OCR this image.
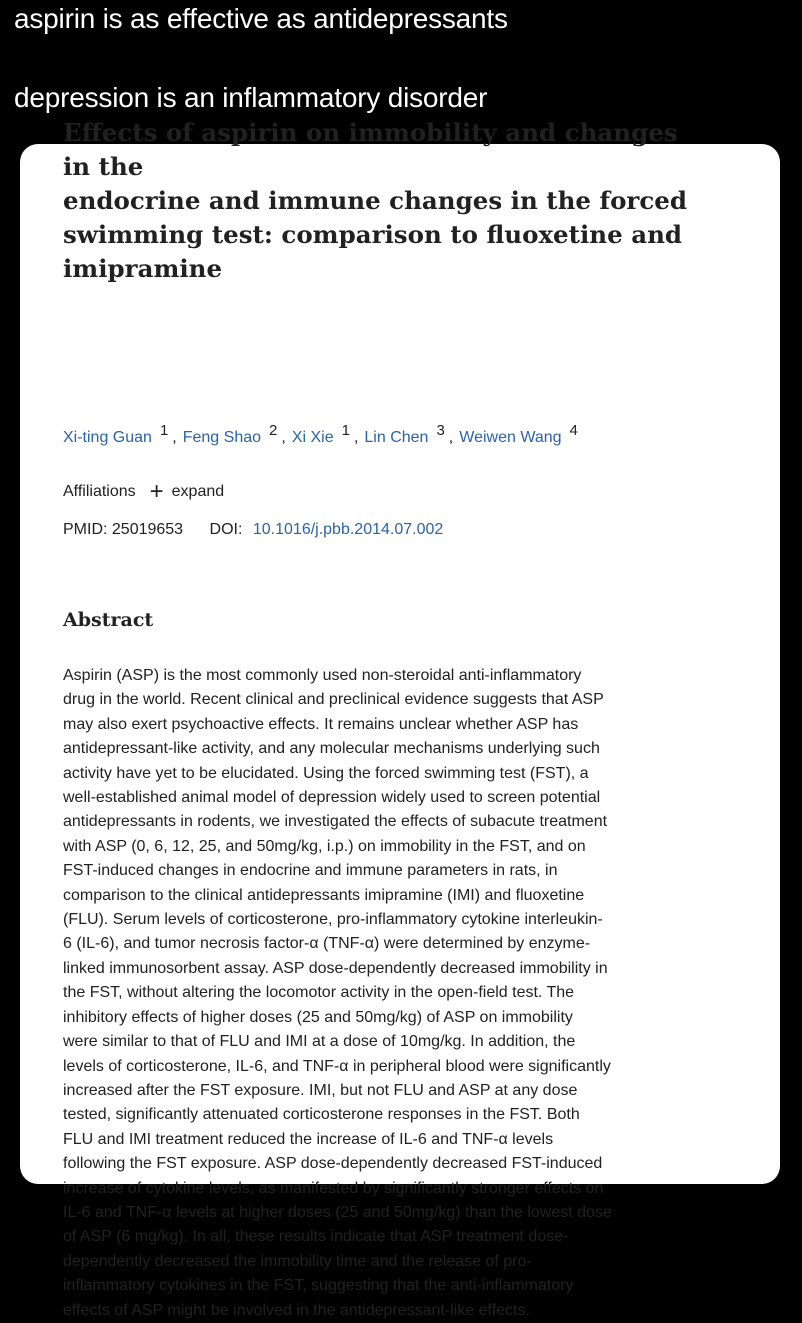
aspirin is as effective as antidepressants
depression is an inflammatory disorder
Effects of aspirin on immobility and changes in the
endocrine and immune changes in the forced
swimming test: comparison to fluoxetine and
imipramine
Xi-ting Guan $^1$ , Feng Shao $^2$ , Xi Xie $^1$ , Lin Chen $^3$ , Weiwen Wang $^4$
Affiliations + expand
PMID: 25019653 DOI: 10.1016/j.pbb.2014.07.002
Abstract
Aspirin (ASP) is the most commonly used non-steroidal anti-inflammatory
drug in the world. Recent clinical and preclinical evidence suggests that ASP
may also exert psychoactive effects. It remains unclear whether ASP has
antidepressant-like activity, and any molecular mechanisms underlying such
activity have yet to be elucidated. Using the forced swimming test (FST), a
well-established animal model of depression widely used to screen potential
antidepressants in rodents, we investigated the effects of subacute treatment
with ASP (0, 6, 12, 25, and 50mg/kg, i.p.) on immobility in the FST, and on
FST-induced changes in endocrine and immune parameters in rats, in
comparison to the clinical antidepressants imipramine (IMI) and fluoxetine
(FLU). Serum levels of corticosterone, pro-inflammatory cytokine interleukin-
6 (IL-6), and tumor necrosis factor-α (TNF-α) were determined by enzyme-
linked immunosorbent assay. ASP dose-dependently decreased immobility in
the FST, without altering the locomotor activity in the open-field test. The
inhibitory effects of higher doses (25 and 50mg/kg) of ASP on immobility
were similar to that of FLU and IMI at a dose of 10mg/kg. In addition, the
levels of corticosterone, IL-6, and TNF-α in peripheral blood were significantly
increased after the FST exposure. IMI, but not FLU and ASP at any dose
tested, significantly attenuated corticosterone responses in the FST. Both
FLU and IMI treatment reduced the increase of IL-6 and TNF-α levels
following the FST exposure. ASP dose-dependently decreased FST-induced
increase of cytokine levels, as manifested by significantly stronger effects on
IL-6 and TNF-α levels at higher doses (25 and 50mg/kg) than the lowest dose
of ASP (6 mg/kg). In all, these results indicate that ASP treatment dose-
dependently decreased the immobility time and the release of pro-
inflammatory cytokines in the FST, suggesting that the anti-inflammatory
effects of ASP might be involved in the antidepressant-like effects.
